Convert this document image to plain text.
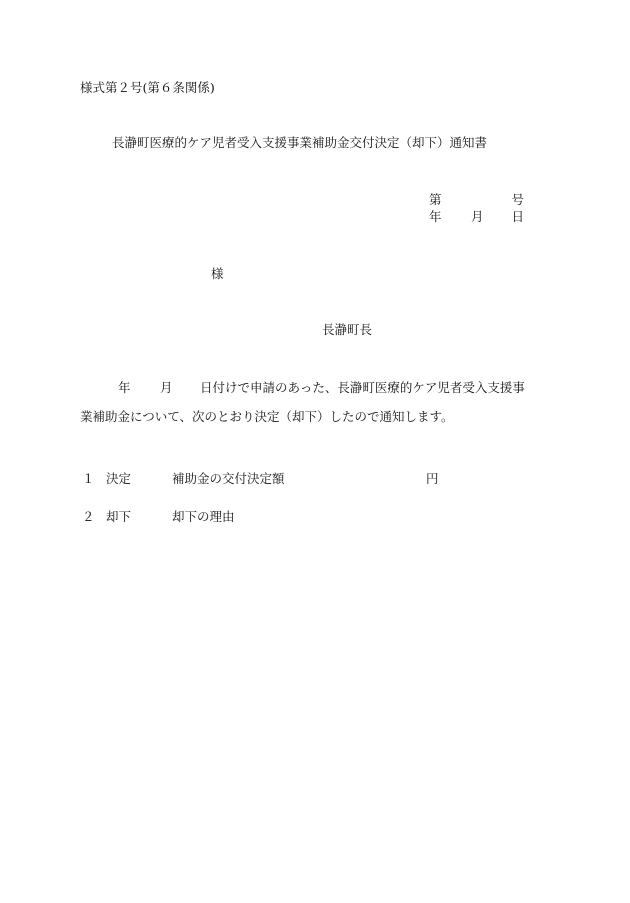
様式第２号(第６条関係)
長瀞町医療的ケア児者受入支援事業補助金交付決定（却下）通知書
第	号
年 月 日
様
長瀞町長
年 月 日付けで申請のあった、長瀞町医療的ケア児者受入支援事
業補助金について、次のとおり決定（却下）したので通知します。
１ 決定	補助金の交付決定額	円
２ 却下	却下の理由
